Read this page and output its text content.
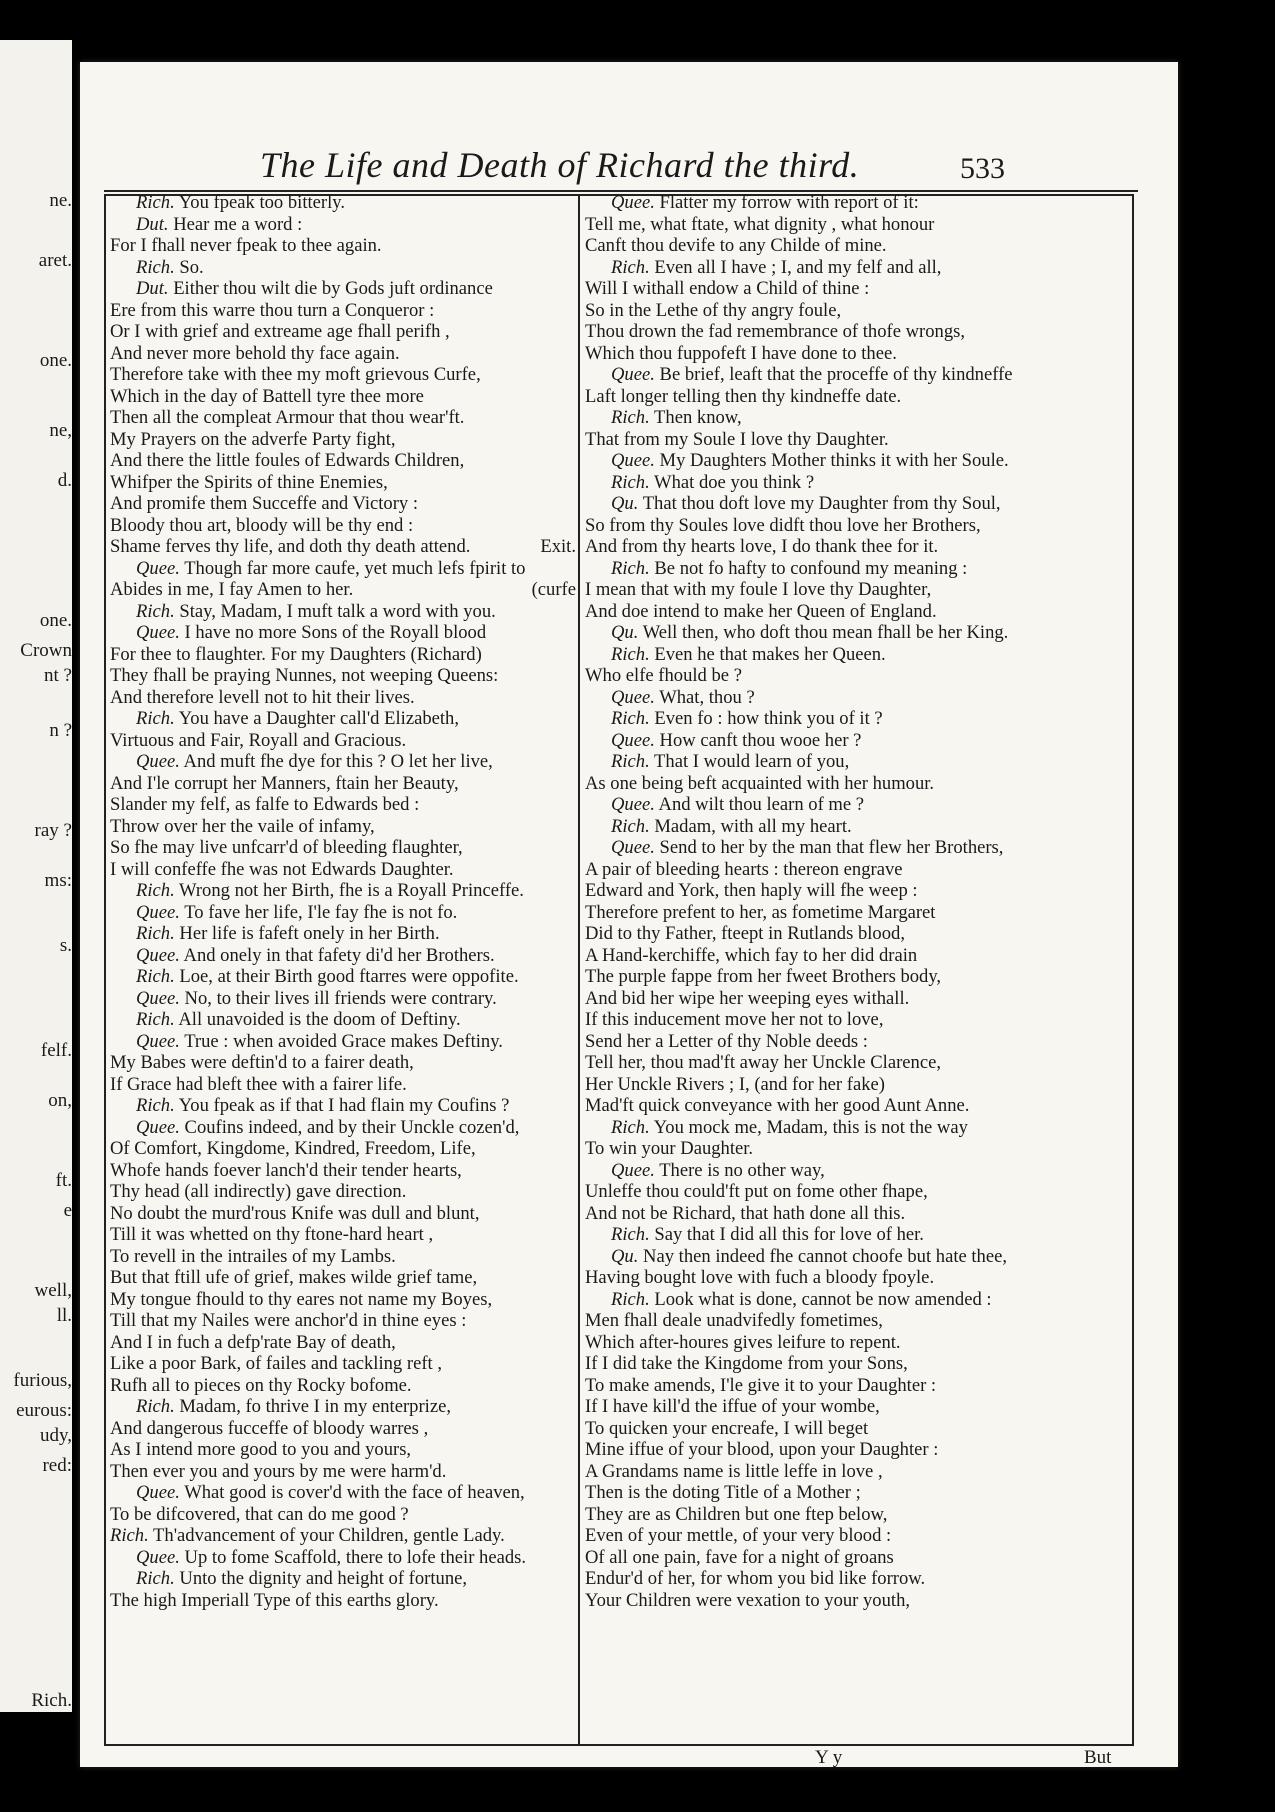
ne.
aret.
one.
ne,
d.
one.
Crown
nt ?
n ?
ray ?
ms:
s.
felf.
on,
ft.
e
well,
ll.
furious,
eurous:
udy,
red:
Rich.
The Life and Death of Richard the third.	533
Rich. You fpeak too bitterly.
Dut. Hear me a word :
For I fhall never fpeak to thee again.
Rich. So.
Dut. Either thou wilt die by Gods juft ordinance
Ere from this warre thou turn a Conqueror :
Or I with grief and extreame age fhall perifh ,
And never more behold thy face again.
Therefore take with thee my moft grievous Curfe,
Which in the day of Battell tyre thee more
Then all the compleat Armour that thou wear'ft.
My Prayers on the adverfe Party fight,
And there the little foules of Edwards Children,
Whifper the Spirits of thine Enemies,
And promife them Succeffe and Victory :
Bloody thou art, bloody will be thy end :
Shame ferves thy life, and doth thy death attend.	Exit.
Quee. Though far more caufe, yet much lefs fpirit to
Abides in me, I fay Amen to her.	(curfe
Rich. Stay, Madam, I muft talk a word with you.
Quee. I have no more Sons of the Royall blood
For thee to flaughter. For my Daughters (Richard)
They fhall be praying Nunnes, not weeping Queens:
And therefore levell not to hit their lives.
Rich. You have a Daughter call'd Elizabeth,
Virtuous and Fair, Royall and Gracious.
Quee. And muft fhe dye for this ? O let her live,
And I'le corrupt her Manners, ftain her Beauty,
Slander my felf, as falfe to Edwards bed :
Throw over her the vaile of infamy,
So fhe may live unfcarr'd of bleeding flaughter,
I will confeffe fhe was not Edwards Daughter.
Rich. Wrong not her Birth, fhe is a Royall Princeffe.
Quee. To fave her life, I'le fay fhe is not fo.
Rich. Her life is fafeft onely in her Birth.
Quee. And onely in that fafety di'd her Brothers.
Rich. Loe, at their Birth good ftarres were oppofite.
Quee. No, to their lives ill friends were contrary.
Rich. All unavoided is the doom of Deftiny.
Quee. True : when avoided Grace makes Deftiny.
My Babes were deftin'd to a fairer death,
If Grace had bleft thee with a fairer life.
Rich. You fpeak as if that I had flain my Coufins ?
Quee. Coufins indeed, and by their Unckle cozen'd,
Of Comfort, Kingdome, Kindred, Freedom, Life,
Whofe hands foever lanch'd their tender hearts,
Thy head (all indirectly) gave direction.
No doubt the murd'rous Knife was dull and blunt,
Till it was whetted on thy ftone-hard heart ,
To revell in the intrailes of my Lambs.
But that ftill ufe of grief, makes wilde grief tame,
My tongue fhould to thy eares not name my Boyes,
Till that my Nailes were anchor'd in thine eyes :
And I in fuch a defp'rate Bay of death,
Like a poor Bark, of failes and tackling reft ,
Rufh all to pieces on thy Rocky bofome.
Rich. Madam, fo thrive I in my enterprize,
And dangerous fucceffe of bloody warres ,
As I intend more good to you and yours,
Then ever you and yours by me were harm'd.
Quee. What good is cover'd with the face of heaven,
To be difcovered, that can do me good ?
Rich. Th'advancement of your Children, gentle Lady.
Quee. Up to fome Scaffold, there to lofe their heads.
Rich. Unto the dignity and height of fortune,
The high Imperiall Type of this earths glory.
Quee. Flatter my forrow with report of it:
Tell me, what ftate, what dignity , what honour
Canft thou devife to any Childe of mine.
Rich. Even all I have ; I, and my felf and all,
Will I withall endow a Child of thine :
So in the Lethe of thy angry foule,
Thou drown the fad remembrance of thofe wrongs,
Which thou fuppofeft I have done to thee.
Quee. Be brief, leaft that the proceffe of thy kindneffe
Laft longer telling then thy kindneffe date.
Rich. Then know,
That from my Soule I love thy Daughter.
Quee. My Daughters Mother thinks it with her Soule.
Rich. What doe you think ?
Qu. That thou doft love my Daughter from thy Soul,
So from thy Soules love didft thou love her Brothers,
And from thy hearts love, I do thank thee for it.
Rich. Be not fo hafty to confound my meaning :
I mean that with my foule I love thy Daughter,
And doe intend to make her Queen of England.
Qu. Well then, who doft thou mean fhall be her King.
Rich. Even he that makes her Queen.
Who elfe fhould be ?
Quee. What, thou ?
Rich. Even fo : how think you of it ?
Quee. How canft thou wooe her ?
Rich. That I would learn of you,
As one being beft acquainted with her humour.
Quee. And wilt thou learn of me ?
Rich. Madam, with all my heart.
Quee. Send to her by the man that flew her Brothers,
A pair of bleeding hearts : thereon engrave
Edward and York, then haply will fhe weep :
Therefore prefent to her, as fometime Margaret
Did to thy Father, fteept in Rutlands blood,
A Hand-kerchiffe, which fay to her did drain
The purple fappe from her fweet Brothers body,
And bid her wipe her weeping eyes withall.
If this inducement move her not to love,
Send her a Letter of thy Noble deeds :
Tell her, thou mad'ft away her Unckle Clarence,
Her Unckle Rivers ; I, (and for her fake)
Mad'ft quick conveyance with her good Aunt Anne.
Rich. You mock me, Madam, this is not the way
To win your Daughter.
Quee. There is no other way,
Unleffe thou could'ft put on fome other fhape,
And not be Richard, that hath done all this.
Rich. Say that I did all this for love of her.
Qu. Nay then indeed fhe cannot choofe but hate thee,
Having bought love with fuch a bloody fpoyle.
Rich. Look what is done, cannot be now amended :
Men fhall deale unadvifedly fometimes,
Which after-houres gives leifure to repent.
If I did take the Kingdome from your Sons,
To make amends, I'le give it to your Daughter :
If I have kill'd the iffue of your wombe,
To quicken your encreafe, I will beget
Mine iffue of your blood, upon your Daughter :
A Grandams name is little leffe in love ,
Then is the doting Title of a Mother ;
They are as Children but one ftep below,
Even of your mettle, of your very blood :
Of all one pain, fave for a night of groans
Endur'd of her, for whom you bid like forrow.
Your Children were vexation to your youth,
Y y	But
